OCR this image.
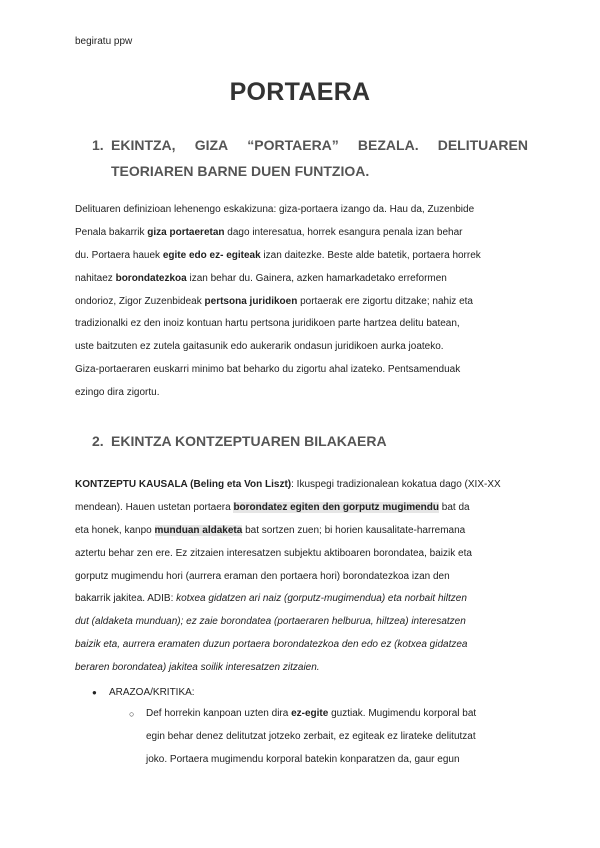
begiratu ppw
PORTAERA
1. EKINTZA, GIZA “PORTAERA” BEZALA. DELITUAREN
TEORIAREN BARNE DUEN FUNTZIOA.
Delituaren definizioan lehenengo eskakizuna: giza-portaera izango da. Hau da, Zuzenbide
Penala bakarrik giza portaeretan dago interesatua, horrek esangura penala izan behar
du. Portaera hauek egite edo ez- egiteak izan daitezke. Beste alde batetik, portaera horrek
nahitaez borondatezkoa izan behar du. Gainera, azken hamarkadetako erreformen
ondorioz, Zigor Zuzenbideak pertsona juridikoen portaerak ere zigortu ditzake; nahiz eta
tradizionalki ez den inoiz kontuan hartu pertsona juridikoen parte hartzea delitu batean,
uste baitzuten ez zutela gaitasunik edo aukerarik ondasun juridikoen aurka joateko.
Giza-portaeraren euskarri minimo bat beharko du zigortu ahal izateko. Pentsamenduak
ezingo dira zigortu.
2. EKINTZA KONTZEPTUAREN BILAKAERA
KONTZEPTU KAUSALA (Beling eta Von Liszt): Ikuspegi tradizionalean kokatua dago (XIX-XX
mendean). Hauen ustetan portaera borondatez egiten den gorputz mugimendu bat da
eta honek, kanpo munduan aldaketa bat sortzen zuen; bi horien kausalitate-harremana
aztertu behar zen ere. Ez zitzaien interesatzen subjektu aktiboaren borondatea, baizik eta
gorputz mugimendu hori (aurrera eraman den portaera hori) borondatezkoa izan den
bakarrik jakitea. ADIB: kotxea gidatzen ari naiz (gorputz-mugimendua) eta norbait hiltzen
dut (aldaketa munduan); ez zaie borondatea (portaeraren helburua, hiltzea) interesatzen
baizik eta, aurrera eramaten duzun portaera borondatezkoa den edo ez (kotxea gidatzea
beraren borondatea) jakitea soilik interesatzen zitzaien.
● ARAZOA/KRITIKA:
○ Def horrekin kanpoan uzten dira ez-egite guztiak. Mugimendu korporal bat
egin behar denez delitutzat jotzeko zerbait, ez egiteak ez lirateke delitutzat
joko. Portaera mugimendu korporal batekin konparatzen da, gaur egun
